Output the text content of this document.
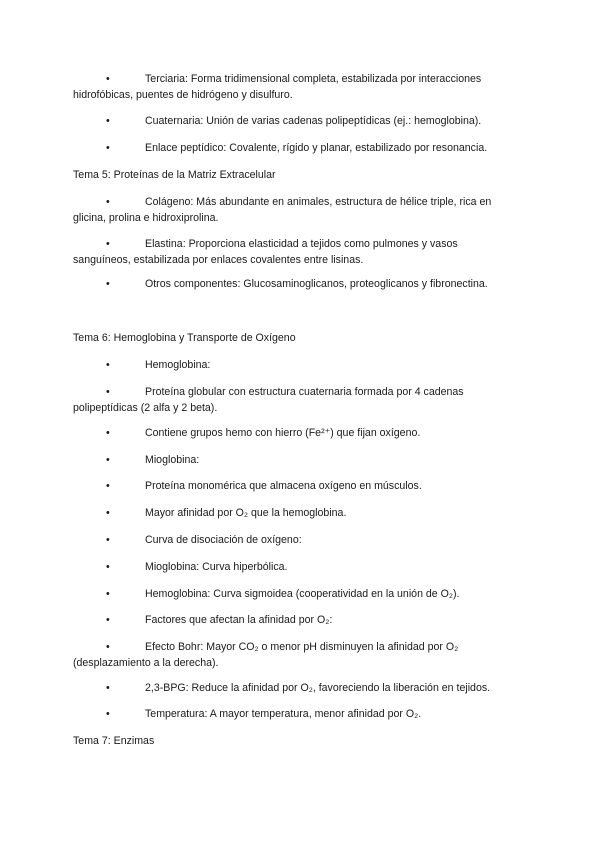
•Terciaria: Forma tridimensional completa, estabilizada por interacciones hidrofóbicas, puentes de hidrógeno y disulfuro.
•Cuaternaria: Unión de varias cadenas polipeptídicas (ej.: hemoglobina).
•Enlace peptídico: Covalente, rígido y planar, estabilizado por resonancia.
Tema 5: Proteínas de la Matriz Extracelular
•Colágeno: Más abundante en animales, estructura de hélice triple, rica en glicina, prolina e hidroxiprolina.
•Elastina: Proporciona elasticidad a tejidos como pulmones y vasos sanguíneos, estabilizada por enlaces covalentes entre lisinas.
•Otros componentes: Glucosaminoglicanos, proteoglicanos y fibronectina.
Tema 6: Hemoglobina y Transporte de Oxígeno
•Hemoglobina:
•Proteína globular con estructura cuaternaria formada por 4 cadenas polipeptídicas (2 alfa y 2 beta).
•Contiene grupos hemo con hierro (Fe²⁺) que fijan oxígeno.
•Mioglobina:
•Proteína monomérica que almacena oxígeno en músculos.
•Mayor afinidad por O₂ que la hemoglobina.
•Curva de disociación de oxígeno:
•Mioglobina: Curva hiperbólica.
•Hemoglobina: Curva sigmoidea (cooperatividad en la unión de O₂).
•Factores que afectan la afinidad por O₂:
•Efecto Bohr: Mayor CO₂ o menor pH disminuyen la afinidad por O₂ (desplazamiento a la derecha).
•2,3-BPG: Reduce la afinidad por O₂, favoreciendo la liberación en tejidos.
•Temperatura: A mayor temperatura, menor afinidad por O₂.
Tema 7: Enzimas
